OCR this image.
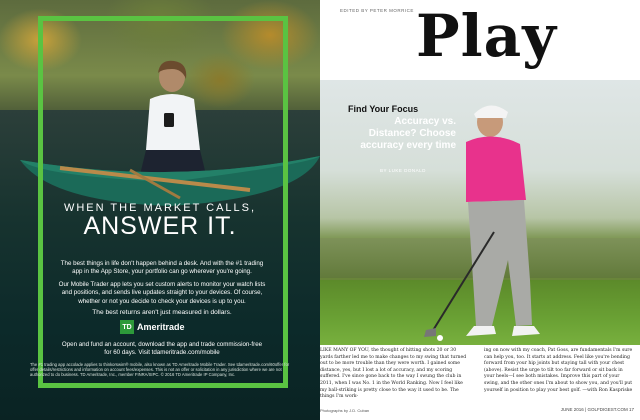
WHEN THE MARKET CALLS,
ANSWER IT.

The best things in life don't happen behind a desk. And with the #1 trading app in the App Store, your portfolio can go wherever you're going.

Our Mobile Trader app lets you set custom alerts to monitor your watch lists and positions, and sends live updates straight to your devices. Of course, whether or not you decide to check your devices is up to you.

The best returns aren't just measured in dollars.

TD Ameritrade

Open and fund an account, download the app and trade commission-free for 60 days. Visit tdameritrade.com/mobile

The #1 trading app accolade applies to thinkorswim® mobile, also known as TD Ameritrade Mobile Trader. See tdameritrade.com/60offer for offer details/restrictions and information on account fees/expenses. This is not an offer or solicitation in any jurisdiction where we are not authorized to do business. TD Ameritrade, Inc., member FINRA/SIPC. © 2016 TD Ameritrade IP Company, Inc.

EDITED BY PETER MORRICE Play
Find Your Focus

Accuracy vs. Distance? Choose accuracy every time

BY LUKE DONALD

LIKE MANY OF YOU, the thought of hitting shots 20 or 30 yards farther led me to make changes to my swing that turned out to be more trouble than they were worth. I gained some distance, yes, but I lost a lot of accuracy, and my scoring suffered. I've since gone back to the way I swung the club in 2011, when I was No. 1 in the World Ranking. Now I feel like my ball-striking is pretty close to the way it used to be. The things I'm work-

ing on now with my coach, Pat Goss, are fundamentals I'm sure can help you, too. It starts at address. Feel like you're bending forward from your hip joints but staying tall with your chest (above). Resist the urge to tilt too far forward or sit back in your heels—I see both mistakes. Improve this part of your swing, and the other ones I'm about to show you, and you'll put yourself in position to play your best golf. —with Ron Kaspriske

Photographs by J.D. Cuban	JUNE 2016 | GOLFDIGEST.COM 17
